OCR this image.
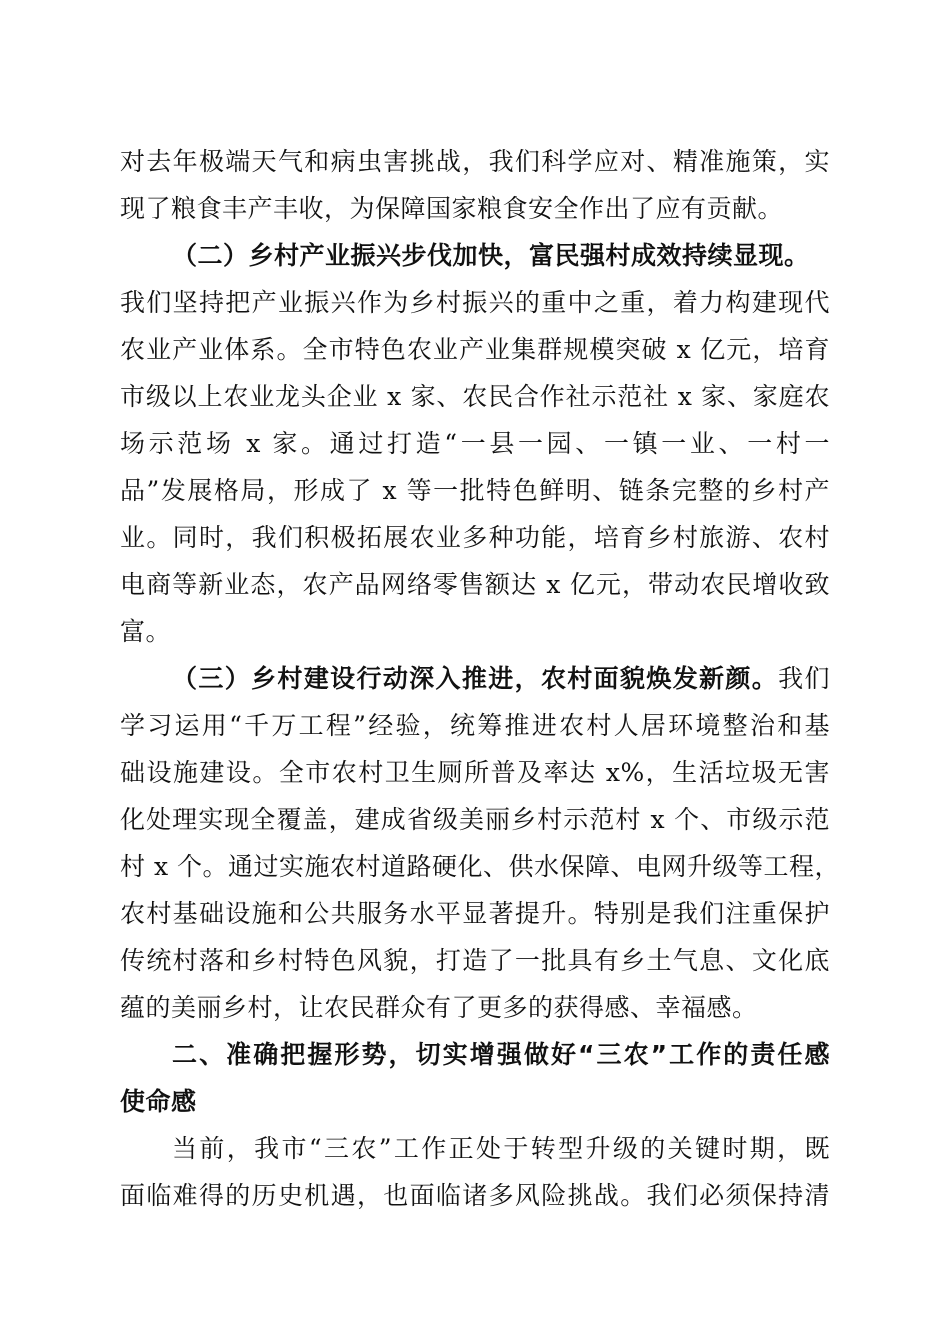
对去年极端天气和病虫害挑战，我们科学应对、精准施策，实
现了粮食丰产丰收，为保障国家粮食安全作出了应有贡献。
（二）乡村产业振兴步伐加快，富民强村成效持续显现。
我们坚持把产业振兴作为乡村振兴的重中之重，着力构建现代
农业产业体系。全市特色农业产业集群规模突破 x 亿元，培育
市级以上农业龙头企业 x 家、农民合作社示范社 x 家、家庭农
场示范场 x 家。通过打造“一县一园、一镇一业、一村一
品”发展格局，形成了 x 等一批特色鲜明、链条完整的乡村产
业。同时，我们积极拓展农业多种功能，培育乡村旅游、农村
电商等新业态，农产品网络零售额达 x 亿元，带动农民增收致
富。
（三）乡村建设行动深入推进，农村面貌焕发新颜。我们
学习运用“千万工程”经验，统筹推进农村人居环境整治和基
础设施建设。全市农村卫生厕所普及率达 x%，生活垃圾无害
化处理实现全覆盖，建成省级美丽乡村示范村 x 个、市级示范
村 x 个。通过实施农村道路硬化、供水保障、电网升级等工程，
农村基础设施和公共服务水平显著提升。特别是我们注重保护
传统村落和乡村特色风貌，打造了一批具有乡土气息、文化底
蕴的美丽乡村，让农民群众有了更多的获得感、幸福感。
二、准确把握形势，切实增强做好“三农”工作的责任感
使命感
当前，我市“三农”工作正处于转型升级的关键时期，既
面临难得的历史机遇，也面临诸多风险挑战。我们必须保持清
